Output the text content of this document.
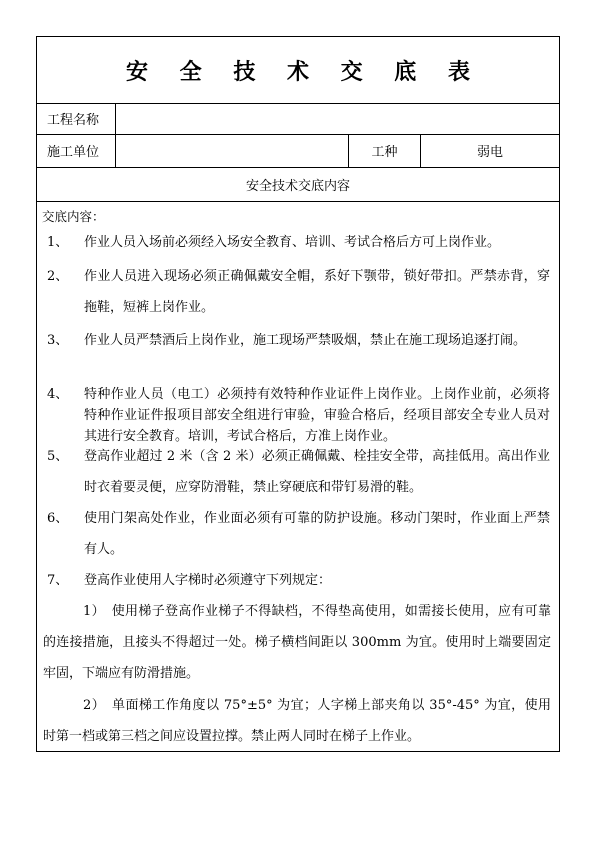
安 全 技 术 交 底 表
工程名称
施工单位	工种	弱电
安全技术交底内容
交底内容：
1、	作业人员入场前必须经入场安全教育、培训、考试合格后方可上岗作业。
2、	作业人员进入现场必须正确佩戴安全帽，系好下颚带，锁好带扣。严禁赤背，穿拖鞋，短裤上岗作业。
3、	作业人员严禁酒后上岗作业，施工现场严禁吸烟，禁止在施工现场追逐打闹。
4、	特种作业人员（电工）必须持有效特种作业证件上岗作业。上岗作业前，必须将特种作业证件报项目部安全组进行审验，审验合格后，经项目部安全专业人员对其进行安全教育。培训，考试合格后，方准上岗作业。
5、	登高作业超过 2 米（含 2 米）必须正确佩戴、栓挂安全带，高挂低用。高出作业时衣着要灵便，应穿防滑鞋，禁止穿硬底和带钉易滑的鞋。
6、	使用门架高处作业，作业面必须有可靠的防护设施。移动门架时，作业面上严禁有人。
7、	登高作业使用人字梯时必须遵守下列规定：
1）　使用梯子登高作业梯子不得缺档，不得垫高使用，如需接长使用，应有可靠的连接措施，且接头不得超过一处。梯子横档间距以 300mm 为宜。使用时上端要固定牢固，下端应有防滑措施。
2）　单面梯工作角度以 75°±5° 为宜；人字梯上部夹角以 35°-45° 为宜，使用时第一档或第三档之间应设置拉撑。禁止两人同时在梯子上作业。
